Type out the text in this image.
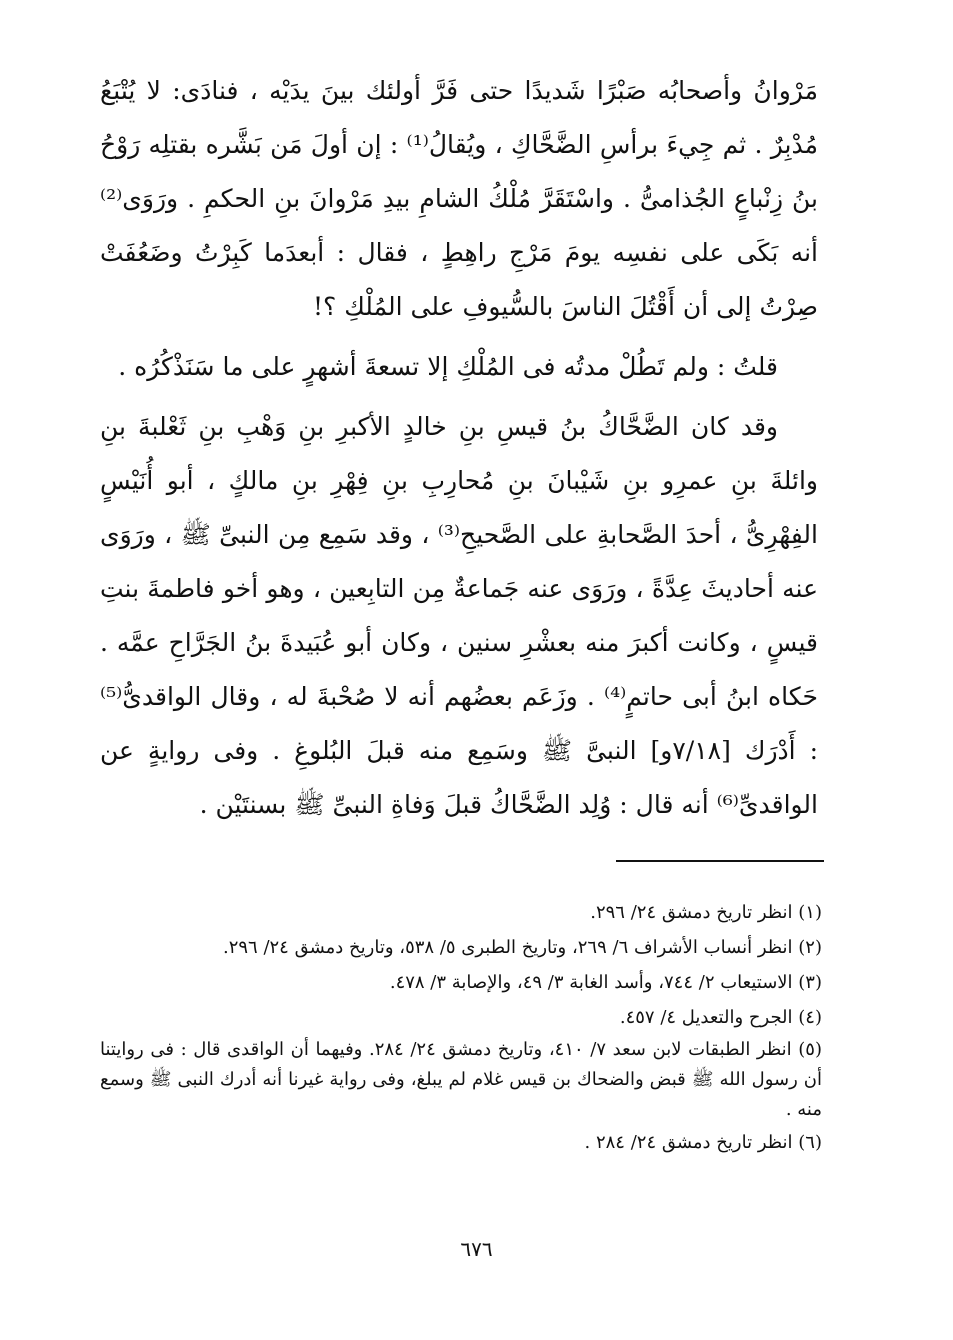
مَرْوانُ وأصحابُه صَبْرًا شَديدًا حتى فَرَّ أولئك بينَ يدَيْه ، فنادَى: لا يُتْبَعُ مُدْبِرٌ . ثم جِيءَ برأسِ الضَّحَّاكِ ، ويُقالُ⁽¹⁾ : إن أولَ مَن بَشَّره بقتلِه رَوْحُ بنُ زِنْباعٍ الجُذامىُّ . واسْتَقَرَّ مُلْكُ الشامِ بيدِ مَرْوانَ بنِ الحكمِ . ورَوَى⁽²⁾ أنه بَكَى على نفسِه يومَ مَرْجِ راهِطٍ ، فقال : أبعدَما كَبِرْتُ وضَعُفَتْ صِرْتُ إلى أن أَقْتُلَ الناسَ بالسُّيوفِ على المُلْكِ ؟!

قلتُ : ولم تَطُلْ مدتُه فى المُلْكِ إلا تسعةَ أشهرٍ على ما سَنَذْكُرُه .

وقد كان الضَّحَّاكُ بنُ قيسِ بنِ خالدٍ الأكبرِ بنِ وَهْبِ بنِ ثَعْلبةَ بنِ وائلةَ بنِ عمرِو بنِ شَيْبانَ بنِ مُحارِبِ بنِ فِهْرِ بنِ مالكٍ ، أبو أُنَيْسٍ الفِهْرِىُّ ، أحدَ الصَّحابةِ على الصَّحيحِ⁽³⁾ ، وقد سَمِع مِن النبىِّ ﷺ ، ورَوَى عنه أحاديثَ عِدَّةً ، ورَوَى عنه جَماعةٌ مِن التابِعين ، وهو أخو فاطمةَ بنتِ قيسٍ ، وكانت أكبرَ منه بعشْرِ سنين ، وكان أبو عُبَيدةَ بنُ الجَرَّاحِ عمَّه . حَكاه ابنُ أبى حاتمٍ⁽⁴⁾ . وزَعَم بعضُهم أنه لا صُحْبةَ له ، وقال الواقدىُّ⁽⁵⁾ : أَدْرَك [٧/١٨و] النبىَّ ﷺ وسَمِع منه قبلَ البُلوغِ . وفى روايةٍ عن الواقدىِّ⁽⁶⁾ أنه قال : وُلِد الضَّحَّاكُ قبلَ وَفاةِ النبىِّ ﷺ بسنتَيْن .

(١) انظر تاريخ دمشق ٢٤/ ٢٩٦.

(٢) انظر أنساب الأشراف ٦/ ٢٦٩، وتاريخ الطبرى ٥/ ٥٣٨، وتاريخ دمشق ٢٤/ ٢٩٦.

(٣) الاستيعاب ٢/ ٧٤٤، وأسد الغابة ٣/ ٤٩، والإصابة ٣/ ٤٧٨.

(٤) الجرح والتعديل ٤/ ٤٥٧.

(٥) انظر الطبقات لابن سعد ٧/ ٤١٠، وتاريخ دمشق ٢٤/ ٢٨٤. وفيهما أن الواقدى قال : فى روايتنا أن رسول الله ﷺ قبض والضحاك بن قيس غلام لم يبلغ، وفى رواية غيرنا أنه أدرك النبى ﷺ وسمع منه .

(٦) انظر تاريخ دمشق ٢٤/ ٢٨٤ .

٦٧٦
